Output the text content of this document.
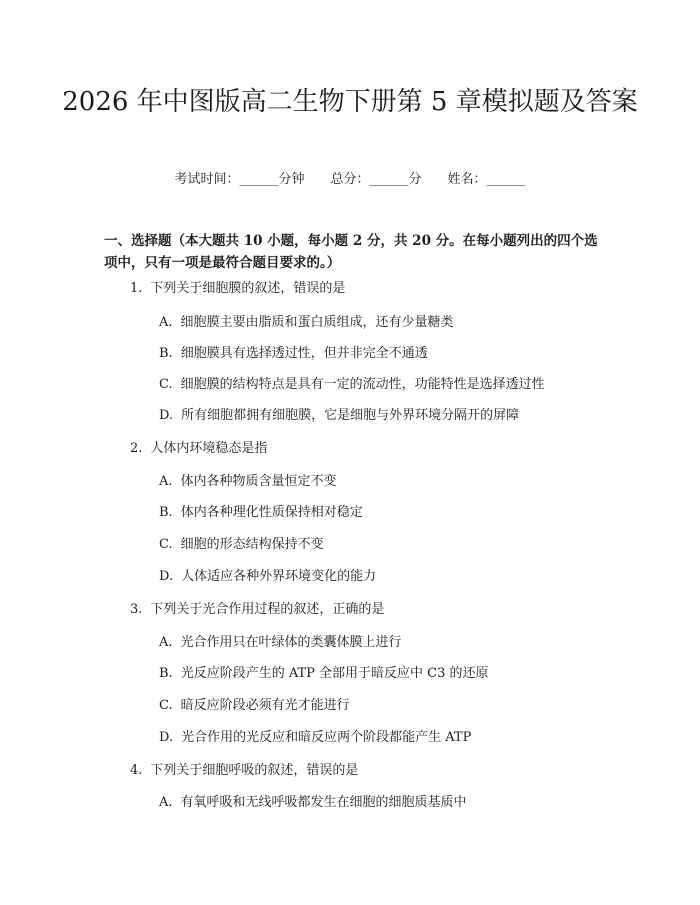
2026 年中图版高二生物下册第 5 章模拟题及答案
考试时间：______分钟 总分：______分 姓名：______

一、选择题（本大题共 10 小题，每小题 2 分，共 20 分。在每小题列出的四个选项中，只有一项是最符合题目要求的。）

1. 下列关于细胞膜的叙述，错误的是
A. 细胞膜主要由脂质和蛋白质组成，还有少量糖类
B. 细胞膜具有选择透过性，但并非完全不通透
C. 细胞膜的结构特点是具有一定的流动性，功能特性是选择透过性
D. 所有细胞都拥有细胞膜，它是细胞与外界环境分隔开的屏障
2. 人体内环境稳态是指
A. 体内各种物质含量恒定不变
B. 体内各种理化性质保持相对稳定
C. 细胞的形态结构保持不变
D. 人体适应各种外界环境变化的能力
3. 下列关于光合作用过程的叙述，正确的是
A. 光合作用只在叶绿体的类囊体膜上进行
B. 光反应阶段产生的 ATP 全部用于暗反应中 C3 的还原
C. 暗反应阶段必须有光才能进行
D. 光合作用的光反应和暗反应两个阶段都能产生 ATP
4. 下列关于细胞呼吸的叙述，错误的是
A. 有氧呼吸和无线呼吸都发生在细胞的细胞质基质中
